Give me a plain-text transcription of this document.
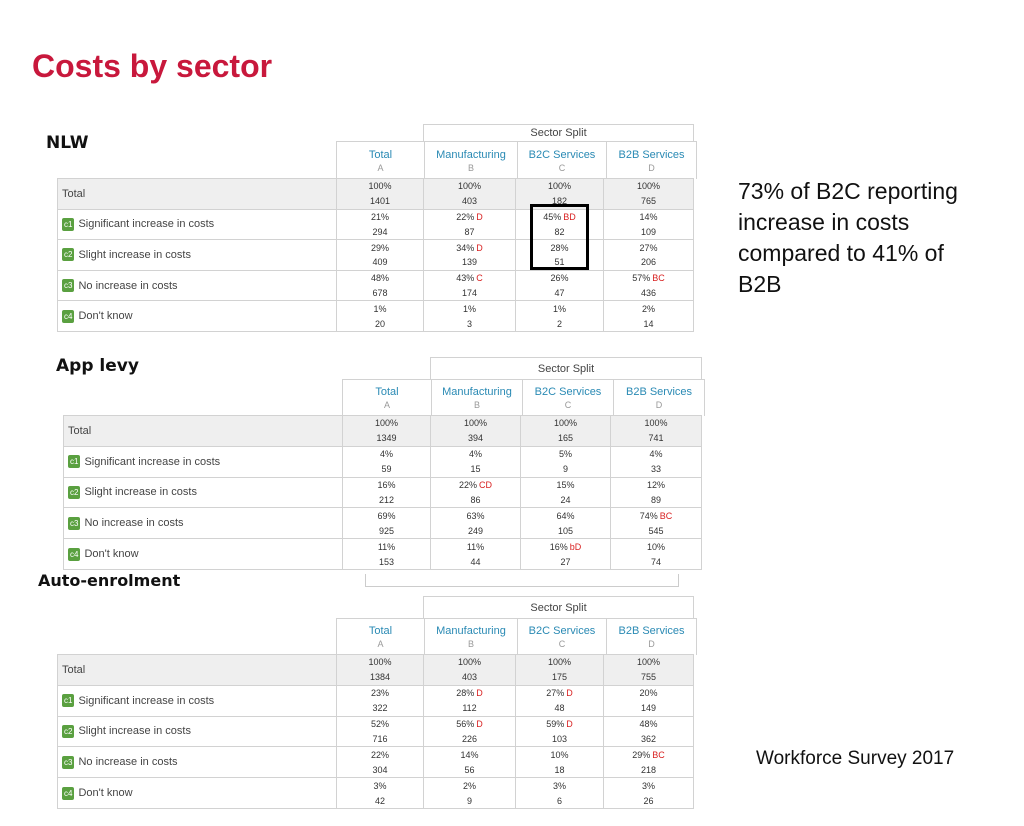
Costs by sector
73% of B2C reporting increase in costs compared to 41% of B2B
Workforce Survey 2017
NLW
App levy
Auto-enrolment
Sector Split
Total
A
Manufacturing
B
B2C Services
C
B2B Services
D
Total
100%
1401
100%
403
100%
182
100%
765
c1 Significant increase in costs
21%
294
22% D
87
45% BD
82
14%
109
c2 Slight increase in costs
29%
409
34% D
139
28%
51
27%
206
c3 No increase in costs
48%
678
43% C
174
26%
47
57% BC
436
c4 Don't know
1%
20
1%
3
1%
2
2%
14
Sector Split
Total
A
Manufacturing
B
B2C Services
C
B2B Services
D
Total
100%
1349
100%
394
100%
165
100%
741
c1 Significant increase in costs
4%
59
4%
15
5%
9
4%
33
c2 Slight increase in costs
16%
212
22% CD
86
15%
24
12%
89
c3 No increase in costs
69%
925
63%
249
64%
105
74% BC
545
c4 Don't know
11%
153
11%
44
16% bD
27
10%
74
Sector Split
Total
A
Manufacturing
B
B2C Services
C
B2B Services
D
Total
100%
1384
100%
403
100%
175
100%
755
c1 Significant increase in costs
23%
322
28% D
112
27% D
48
20%
149
c2 Slight increase in costs
52%
716
56% D
226
59% D
103
48%
362
c3 No increase in costs
22%
304
14%
56
10%
18
29% BC
218
c4 Don't know
3%
42
2%
9
3%
6
3%
26
